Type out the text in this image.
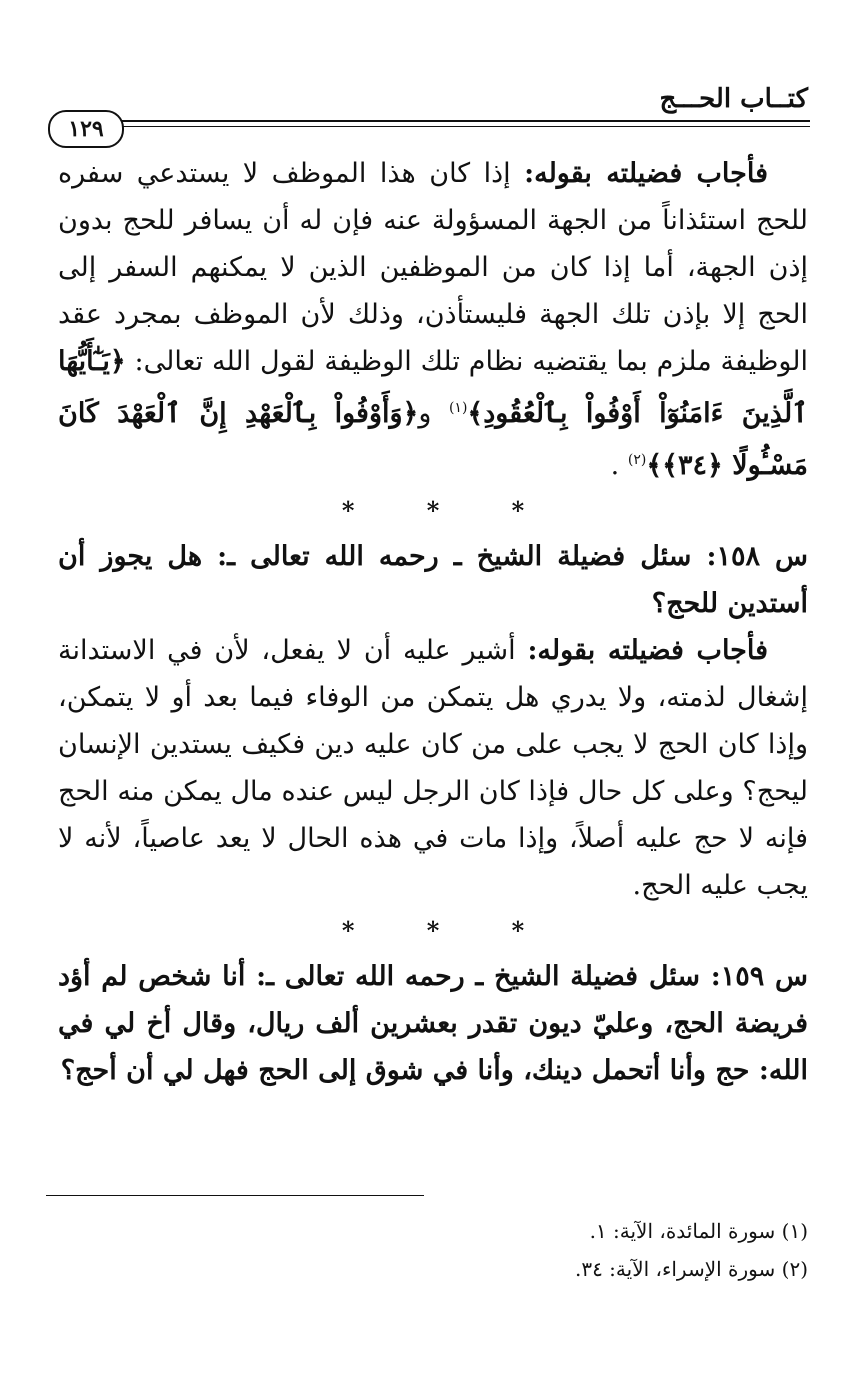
كتــاب الحـــج
١٢٩

فأجاب فضيلته بقوله: إذا كان هذا الموظف لا يستدعي سفره للحج استئذاناً من الجهة المسؤولة عنه فإن له أن يسافر للحج بدون إذن الجهة، أما إذا كان من الموظفين الذين لا يمكنهم السفر إلى الحج إلا بإذن تلك الجهة فليستأذن، وذلك لأن الموظف بمجرد عقد الوظيفة ملزم بما يقتضيه نظام تلك الوظيفة لقول الله تعالى: ﴿يَـٰٓأَيُّهَا ٱلَّذِينَ ءَامَنُوٓاْ أَوْفُواْ بِٱلْعُقُودِ﴾$^{(١)}$ و﴿وَأَوْفُواْ بِٱلْعَهْدِ إِنَّ ٱلْعَهْدَ كَانَ مَسْـُٔولًا ﴿٣٤﴾﴾$^{(٢)}$ .

* * *

س ١٥٨: سئل فضيلة الشيخ ـ رحمه الله تعالى ـ: هل يجوز أن أستدين للحج؟

فأجاب فضيلته بقوله: أشير عليه أن لا يفعل، لأن في الاستدانة إشغال لذمته، ولا يدري هل يتمكن من الوفاء فيما بعد أو لا يتمكن، وإذا كان الحج لا يجب على من كان عليه دين فكيف يستدين الإنسان ليحج؟ وعلى كل حال فإذا كان الرجل ليس عنده مال يمكن منه الحج فإنه لا حج عليه أصلاً، وإذا مات في هذه الحال لا يعد عاصياً، لأنه لا يجب عليه الحج.

* * *

س ١٥٩: سئل فضيلة الشيخ ـ رحمه الله تعالى ـ: أنا شخص لم أؤد فريضة الحج، وعليّ ديون تقدر بعشرين ألف ريال، وقال أخ لي في الله: حج وأنا أتحمل دينك، وأنا في شوق إلى الحج فهل لي أن أحج؟

(١) سورة المائدة، الآية: ١.

(٢) سورة الإسراء، الآية: ٣٤.
